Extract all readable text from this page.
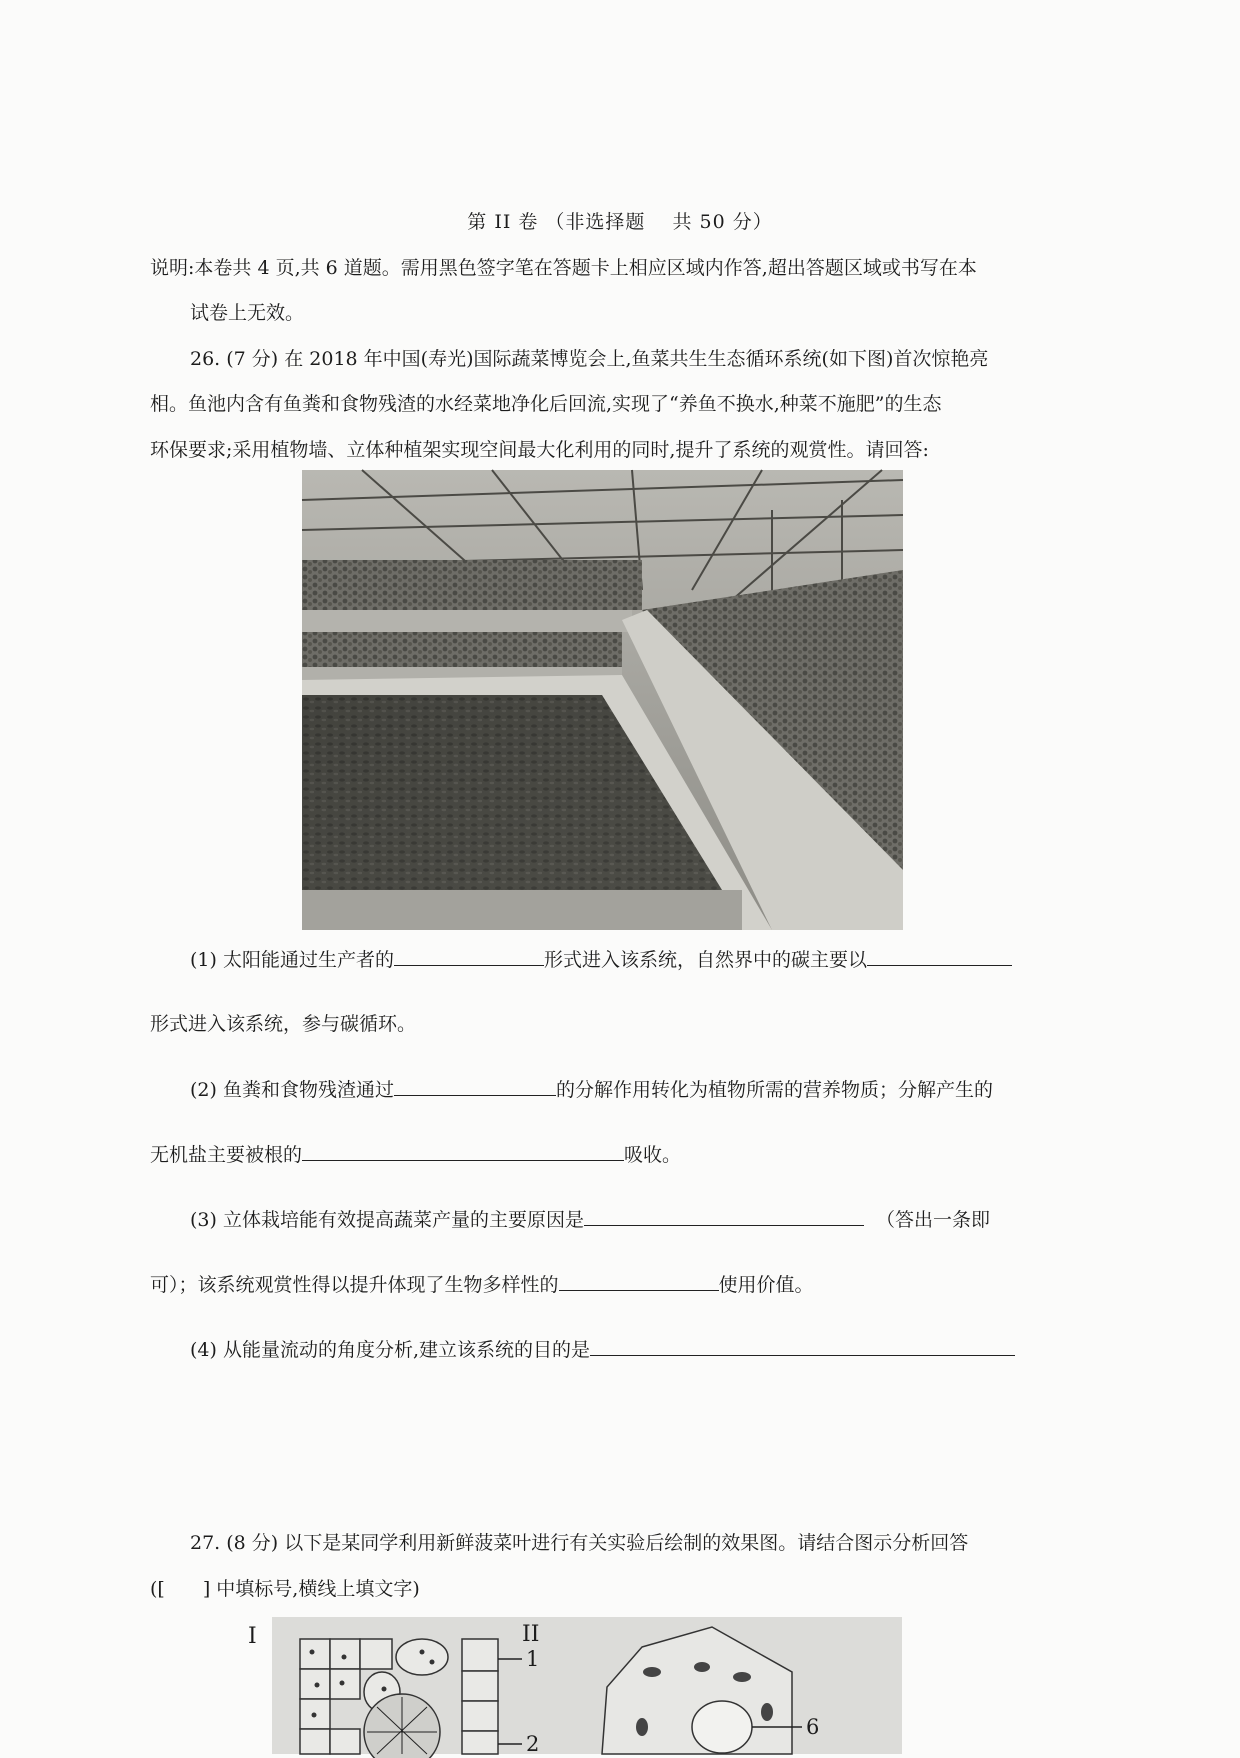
第 II 卷 （非选择题　 共 50 分）
说明:本卷共 4 页,共 6 道题。需用黑色签字笔在答题卡上相应区域内作答,超出答题区域或书写在本
试卷上无效。
26. (7 分) 在 2018 年中国(寿光)国际蔬菜博览会上,鱼菜共生生态循环系统(如下图)首次惊艳亮
相。鱼池内含有鱼粪和食物残渣的水经菜地净化后回流,实现了“养鱼不换水,种菜不施肥”的生态
环保要求;采用植物墙、立体种植架实现空间最大化利用的同时,提升了系统的观赏性。请回答:
(1) 太阳能通过生产者的	形式进入该系统，自然界中的碳主要以
形式进入该系统，参与碳循环。
(2) 鱼粪和食物残渣通过	的分解作用转化为植物所需的营养物质；分解产生的
无机盐主要被根的	吸收。
(3) 立体栽培能有效提高蔬菜产量的主要原因是	（答出一条即
可）；该系统观赏性得以提升体现了生物多样性的	使用价值。
(4) 从能量流动的角度分析,建立该系统的目的是
27. (8 分) 以下是某同学利用新鲜菠菜叶进行有关实验后绘制的效果图。请结合图示分析回答
([　　] 中填标号,横线上填文字)
I	II
1
2
6
